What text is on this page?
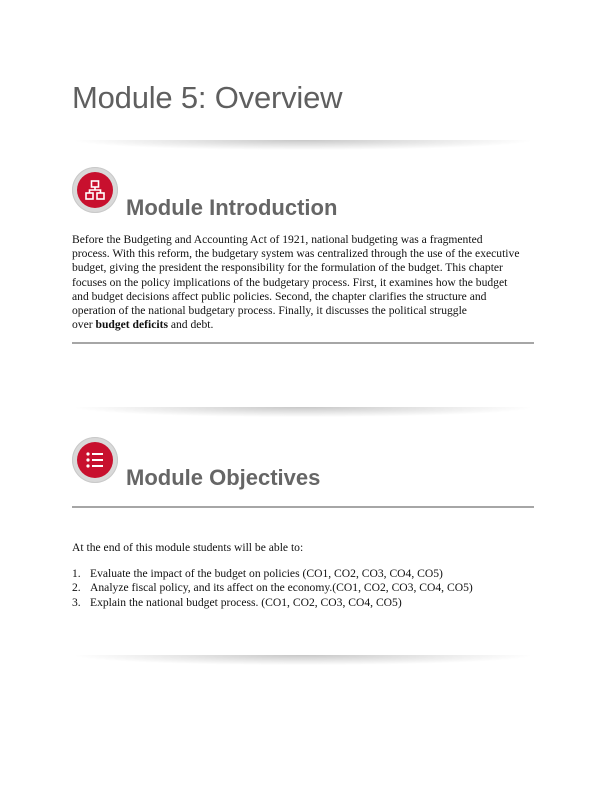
Module 5: Overview
Module Introduction

Before the Budgeting and Accounting Act of 1921, national budgeting was a fragmented
process. With this reform, the budgetary system was centralized through the use of the executive
budget, giving the president the responsibility for the formulation of the budget. This chapter
focuses on the policy implications of the budgetary process. First, it examines how the budget
and budget decisions affect public policies. Second, the chapter clarifies the structure and
operation of the national budgetary process. Finally, it discusses the political struggle
over budget deficits and debt.

Module Objectives

At the end of this module students will be able to:

1. Evaluate the impact of the budget on policies (CO1, CO2, CO3, CO4, CO5)
2. Analyze fiscal policy, and its affect on the economy.(CO1, CO2, CO3, CO4, CO5)
3. Explain the national budget process. (CO1, CO2, CO3, CO4, CO5)
